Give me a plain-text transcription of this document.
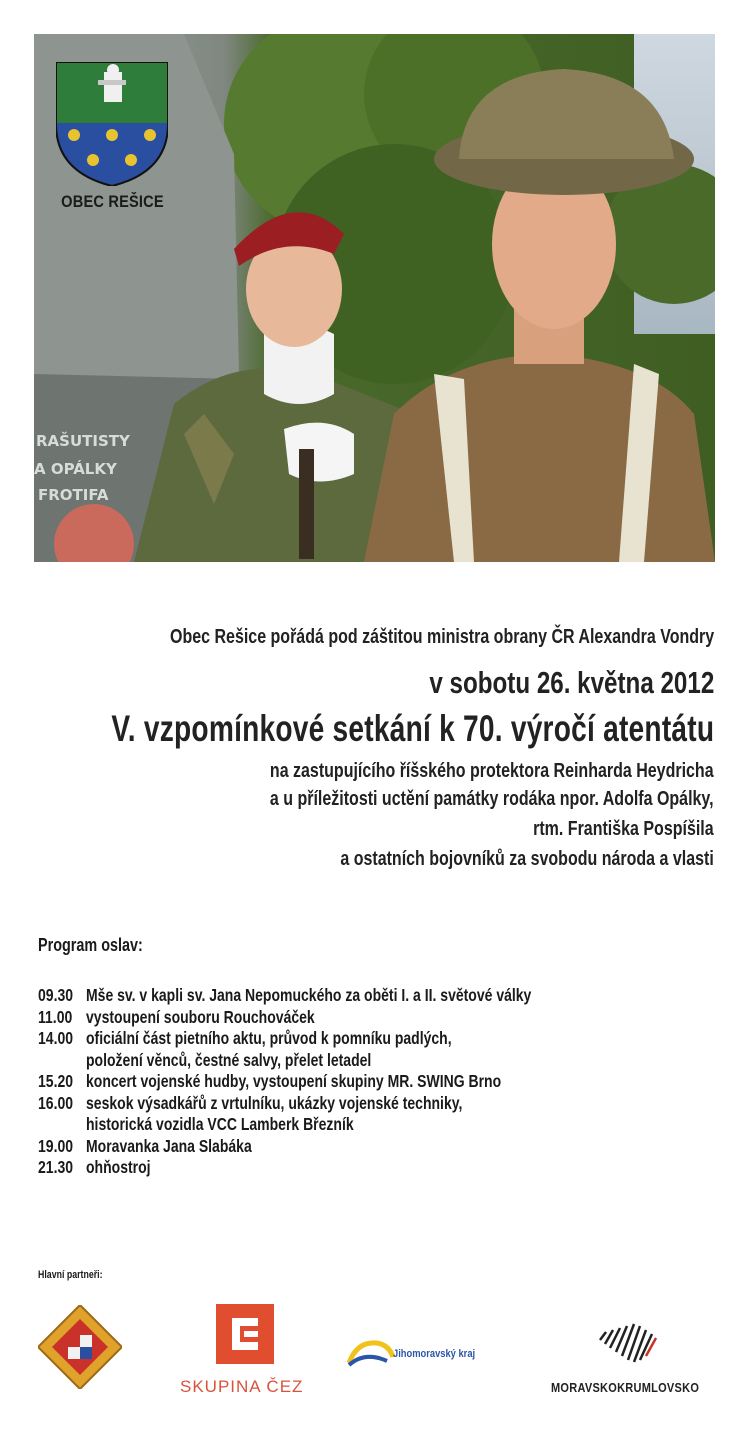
RAŠUTISTY
A OPÁLKY
FROTIFA
OBEC REŠICE
Obec Rešice pořádá pod záštitou ministra obrany ČR Alexandra Vondry
v sobotu 26. května 2012
V. vzpomínkové setkání k 70. výročí atentátu
na zastupujícího říšského protektora Reinharda Heydricha
a u příležitosti uctění památky rodáka npor. Adolfa Opálky,
rtm. Františka Pospíšila
a ostatních bojovníků za svobodu národa a vlasti
Program oslav:
09.30 Mše sv. v kapli sv. Jana Nepomuckého za oběti I. a II. světové války
11.00 vystoupení souboru Rouchováček
14.00 oficiální část pietního aktu, průvod k pomníku padlých,
položení věnců, čestné salvy, přelet letadel
15.20 koncert vojenské hudby, vystoupení skupiny MR. SWING Brno
16.00 seskok výsadkářů z vrtulníku, ukázky vojenské techniky,
historická vozidla VCC Lamberk Březník
19.00 Moravanka Jana Slabáka
21.30 ohňostroj
Hlavní partneři:
SKUPINA ČEZ
Jihomoravský kraj
MORAVSKOKRUMLOVSKO
